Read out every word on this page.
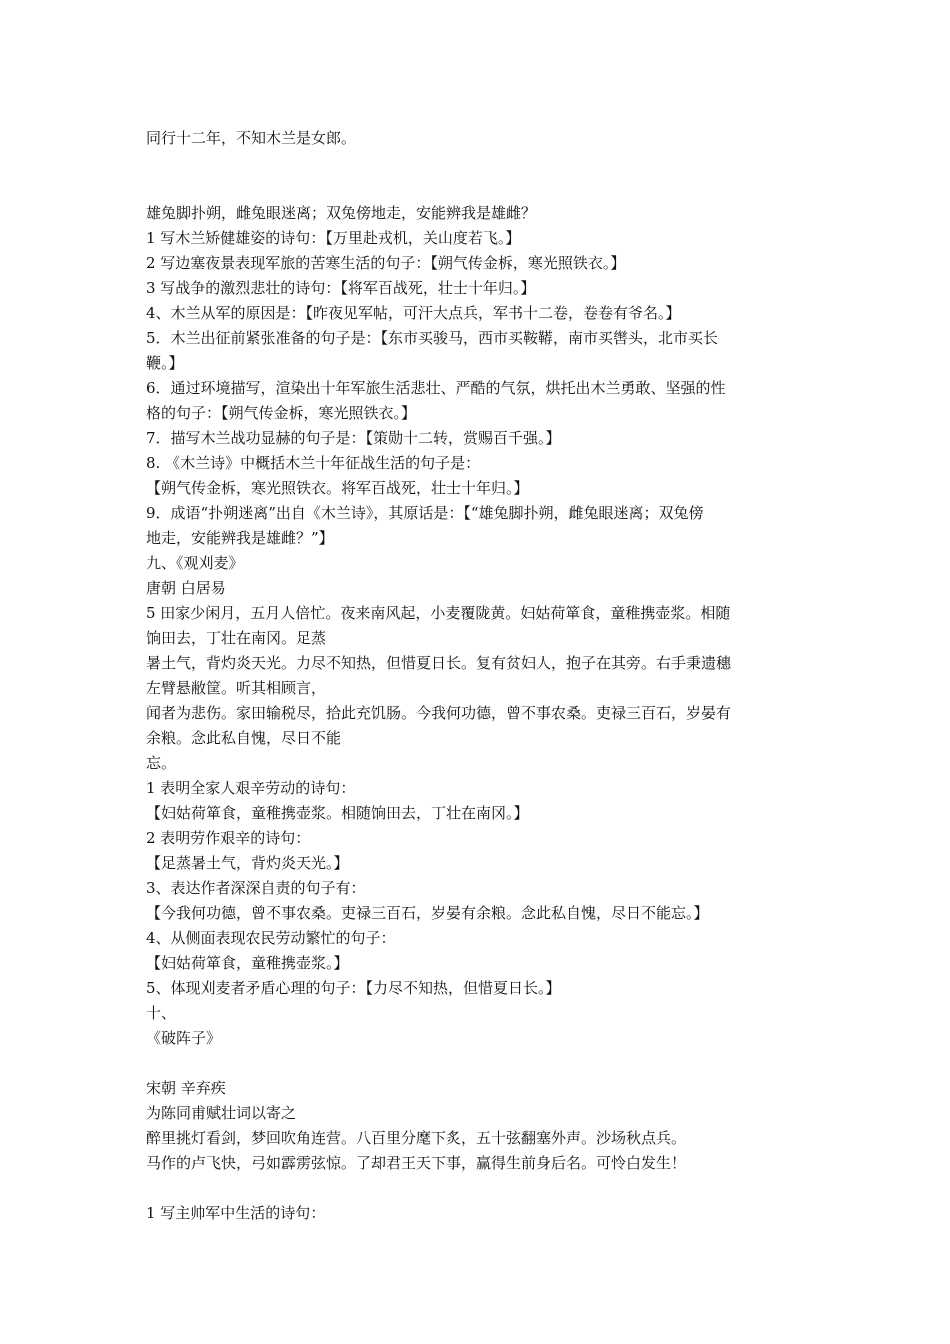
同行十二年，不知木兰是女郎。
雄兔脚扑朔，雌兔眼迷离；双兔傍地走，安能辨我是雄雌？
1 写木兰矫健雄姿的诗句：【万里赴戎机，关山度若飞。】
2 写边塞夜景表现军旅的苦寒生活的句子：【朔气传金柝，寒光照铁衣。】
3 写战争的激烈悲壮的诗句：【将军百战死，壮士十年归。】
4、木兰从军的原因是：【昨夜见军帖，可汗大点兵，军书十二卷，卷卷有爷名。】
5．木兰出征前紧张准备的句子是：【东市买骏马，西市买鞍鞯，南市买辔头，北市买长
鞭。】
6．通过环境描写，渲染出十年军旅生活悲壮、严酷的气氛，烘托出木兰勇敢、坚强的性
格的句子：【朔气传金柝，寒光照铁衣。】
7．描写木兰战功显赫的句子是：【策勋十二转，赏赐百千强。】
8. 《木兰诗》中概括木兰十年征战生活的句子是：
【朔气传金柝，寒光照铁衣。将军百战死，壮士十年归。】
9．成语“扑朔迷离”出自《木兰诗》，其原话是：【“雄兔脚扑朔，雌兔眼迷离；双兔傍
地走，安能辨我是雄雌？”】
九、《观刈麦》
唐朝 白居易
5 田家少闲月，五月人倍忙。夜来南风起，小麦覆陇黄。妇姑荷箪食，童稚携壶浆。相随
饷田去，丁壮在南冈。足蒸
暑土气，背灼炎天光。力尽不知热，但惜夏日长。复有贫妇人，抱子在其旁。右手秉遗穗
左臂悬敝筐。听其相顾言，
闻者为悲伤。家田输税尽，拾此充饥肠。今我何功德，曾不事农桑。吏禄三百石，岁晏有
余粮。念此私自愧，尽日不能
忘。
1 表明全家人艰辛劳动的诗句：
【妇姑荷箪食，童稚携壶浆。相随饷田去，丁壮在南冈。】
2 表明劳作艰辛的诗句：
【足蒸暑土气，背灼炎天光。】
3、表达作者深深自责的句子有：
【今我何功德，曾不事农桑。吏禄三百石，岁晏有余粮。念此私自愧，尽日不能忘。】
4、从侧面表现农民劳动繁忙的句子：
【妇姑荷箪食，童稚携壶浆。】
5、体现刈麦者矛盾心理的句子：【力尽不知热，但惜夏日长。】
十、
《破阵子》
宋朝 辛弃疾
为陈同甫赋壮词以寄之
醉里挑灯看剑，梦回吹角连营。八百里分麾下炙，五十弦翻塞外声。沙场秋点兵。
马作的卢飞快，弓如霹雳弦惊。了却君王天下事，赢得生前身后名。可怜白发生！
1 写主帅军中生活的诗句：
